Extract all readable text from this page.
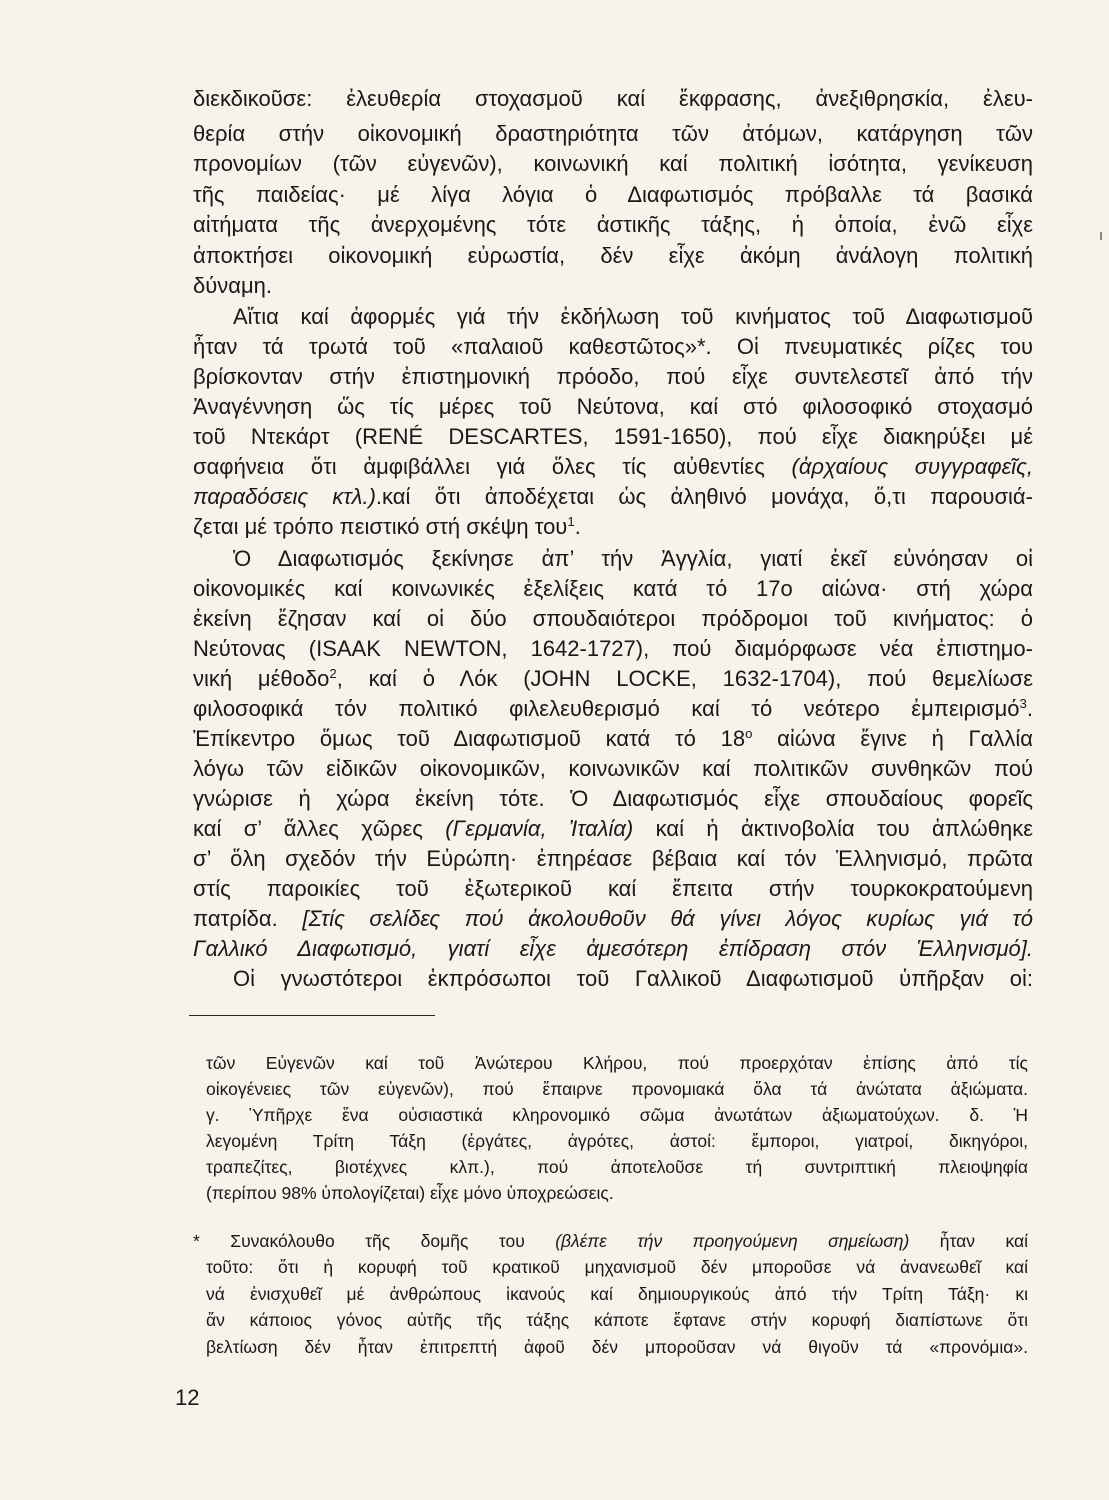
διεκδικοῦσε: ἐλευθερία στοχασμοῦ καί ἔκφρασης, ἀνεξιθρησκία, ἐλευ-

θερία στήν οἰκονομική δραστηριότητα τῶν ἀτόμων, κατάργηση τῶν

προνομίων (τῶν εὐγενῶν), κοινωνική καί πολιτική ἰσότητα, γενίκευση

τῆς παιδείας· μέ λίγα λόγια ὁ Διαφωτισμός πρόβαλλε τά βασικά

αἰτήματα τῆς ἀνερχομένης τότε ἀστικῆς τάξης, ἡ ὁποία, ἐνῶ εἶχε

ἀποκτήσει οἰκονομική εὐρωστία, δέν εἶχε ἀκόμη ἀνάλογη πολιτική

δύναμη.

Αἴτια καί ἀφορμές γιά τήν ἐκδήλωση τοῦ κινήματος τοῦ Διαφωτισμοῦ

ἦταν τά τρωτά τοῦ «παλαιοῦ καθεστῶτος»*. Οἱ πνευματικές ρίζες του

βρίσκονταν στήν ἐπιστημονική πρόοδο, πού εἶχε συντελεστεῖ ἀπό τήν

Ἀναγέννηση ὥς τίς μέρες τοῦ Νεύτονα, καί στό φιλοσοφικό στοχασμό

τοῦ Ντεκάρτ (RENÉ DESCARTES, 1591-1650), πού εἶχε διακηρύξει μέ

σαφήνεια ὅτι ἀμφιβάλλει γιά ὅλες τίς αὐθεντίες (ἀρχαίους συγγραφεῖς,

παραδόσεις κτλ.).καί ὅτι ἀποδέχεται ὡς ἀληθινό μονάχα, ὅ,τι παρουσιά-

ζεται μέ τρόπο πειστικό στή σκέψη του$^1$.

Ὁ Διαφωτισμός ξεκίνησε ἀπ’ τήν Ἀγγλία, γιατί ἐκεῖ εὐνόησαν οἱ

οἰκονομικές καί κοινωνικές ἐξελίξεις κατά τό 17ο αἰώνα· στή χώρα

ἐκείνη ἔζησαν καί οἱ δύο σπουδαιότεροι πρόδρομοι τοῦ κινήματος: ὁ

Νεύτονας (ISAAK NEWTON, 1642-1727), πού διαμόρφωσε νέα ἐπιστημο-

νική μέθοδο$^2$, καί ὁ Λόκ (JOHN LOCKE, 1632-1704), πού θεμελίωσε

φιλοσοφικά τόν πολιτικό φιλελευθερισμό καί τό νεότερο ἐμπειρισμό$^3$.

Ἐπίκεντρο ὅμως τοῦ Διαφωτισμοῦ κατά τό $18^o$ αἰώνα ἔγινε ἡ Γαλλία

λόγω τῶν εἰδικῶν οἰκονομικῶν, κοινωνικῶν καί πολιτικῶν συνθηκῶν πού

γνώρισε ἡ χώρα ἐκείνη τότε. Ὁ Διαφωτισμός εἶχε σπουδαίους φορεῖς

καί σ’ ἄλλες χῶρες (Γερμανία, Ἰταλία) καί ἡ ἀκτινοβολία του ἁπλώθηκε

σ’ ὅλη σχεδόν τήν Εὐρώπη· ἐπηρέασε βέβαια καί τόν Ἑλληνισμό, πρῶτα

στίς παροικίες τοῦ ἐξωτερικοῦ καί ἔπειτα στήν τουρκοκρατούμενη

πατρίδα. [Στίς σελίδες πού ἀκολουθοῦν θά γίνει λόγος κυρίως γιά τό

Γαλλικό Διαφωτισμό, γιατί εἶχε ἀμεσότερη ἐπίδραση στόν Ἑλληνισμό].

Οἱ γνωστότεροι ἐκπρόσωποι τοῦ Γαλλικοῦ Διαφωτισμοῦ ὑπῆρξαν οἱ:

τῶν Εὐγενῶν καί τοῦ Ἀνώτερου Κλήρου, πού προερχόταν ἐπίσης ἀπό τίς

οἰκογένειες τῶν εὐγενῶν), πού ἔπαιρνε προνομιακά ὅλα τά ἀνώτατα ἀξιώματα.

γ. Ὑπῆρχε ἕνα οὐσιαστικά κληρονομικό σῶμα ἀνωτάτων ἀξιωματούχων. δ. Ἡ

λεγομένη Τρίτη Τάξη (ἐργάτες, ἀγρότες, ἀστοί: ἔμποροι, γιατροί, δικηγόροι,

τραπεζίτες, βιοτέχνες κλπ.), πού ἀποτελοῦσε τή συντριπτική πλειοψηφία

(περίπου 98% ὑπολογίζεται) εἶχε μόνο ὑποχρεώσεις.

* Συνακόλουθο τῆς δομῆς του (βλέπε τήν προηγούμενη σημείωση) ἦταν καί

τοῦτο: ὅτι ἡ κορυφή τοῦ κρατικοῦ μηχανισμοῦ δέν μποροῦσε νά ἀνανεωθεῖ καί

νά ἐνισχυθεῖ μέ ἀνθρώπους ἱκανούς καί δημιουργικούς ἀπό τήν Τρίτη Τάξη· κι

ἄν κάποιος γόνος αὐτῆς τῆς τάξης κάποτε ἔφτανε στήν κορυφή διαπίστωνε ὅτι

βελτίωση δέν ἦταν ἐπιτρεπτή ἀφοῦ δέν μποροῦσαν νά θιγοῦν τά «προνόμια».

12
